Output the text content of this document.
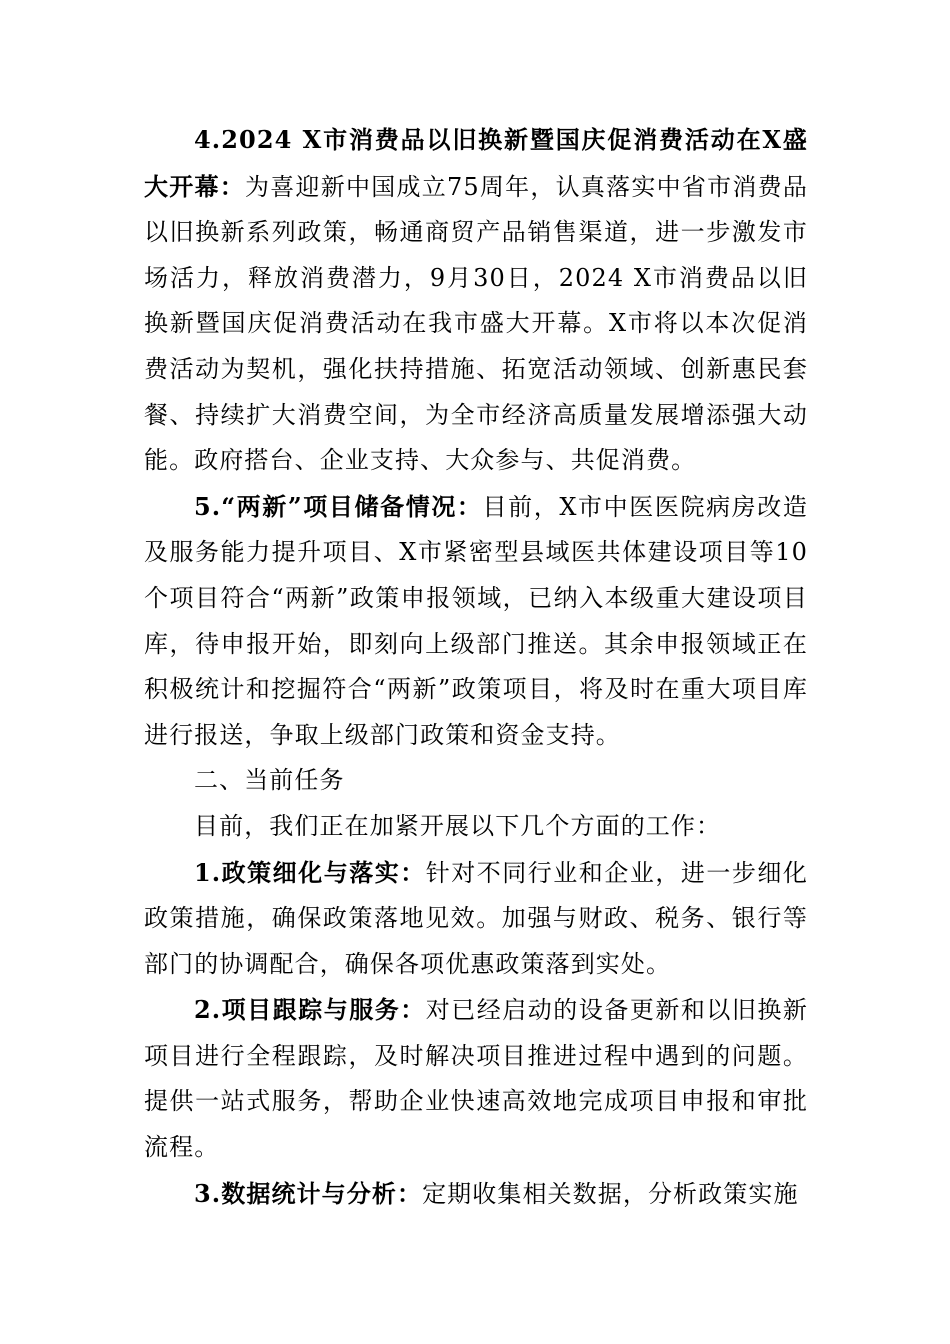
4.2024 X市消费品以旧换新暨国庆促消费活动在X盛大开幕：为喜迎新中国成立75周年，认真落实中省市消费品以旧换新系列政策，畅通商贸产品销售渠道，进一步激发市场活力，释放消费潜力，9月30日，2024 X市消费品以旧换新暨国庆促消费活动在我市盛大开幕。X市将以本次促消费活动为契机，强化扶持措施、拓宽活动领域、创新惠民套餐、持续扩大消费空间，为全市经济高质量发展增添强大动能。政府搭台、企业支持、大众参与、共促消费。

5.“两新”项目储备情况：目前，X市中医医院病房改造及服务能力提升项目、X市紧密型县域医共体建设项目等10个项目符合“两新”政策申报领域，已纳入本级重大建设项目库，待申报开始，即刻向上级部门推送。其余申报领域正在积极统计和挖掘符合“两新”政策项目，将及时在重大项目库进行报送，争取上级部门政策和资金支持。

二、当前任务

目前，我们正在加紧开展以下几个方面的工作：

1.政策细化与落实：针对不同行业和企业，进一步细化政策措施，确保政策落地见效。加强与财政、税务、银行等部门的协调配合，确保各项优惠政策落到实处。

2.项目跟踪与服务：对已经启动的设备更新和以旧换新项目进行全程跟踪，及时解决项目推进过程中遇到的问题。提供一站式服务，帮助企业快速高效地完成项目申报和审批流程。

3.数据统计与分析：定期收集相关数据，分析政策实施
